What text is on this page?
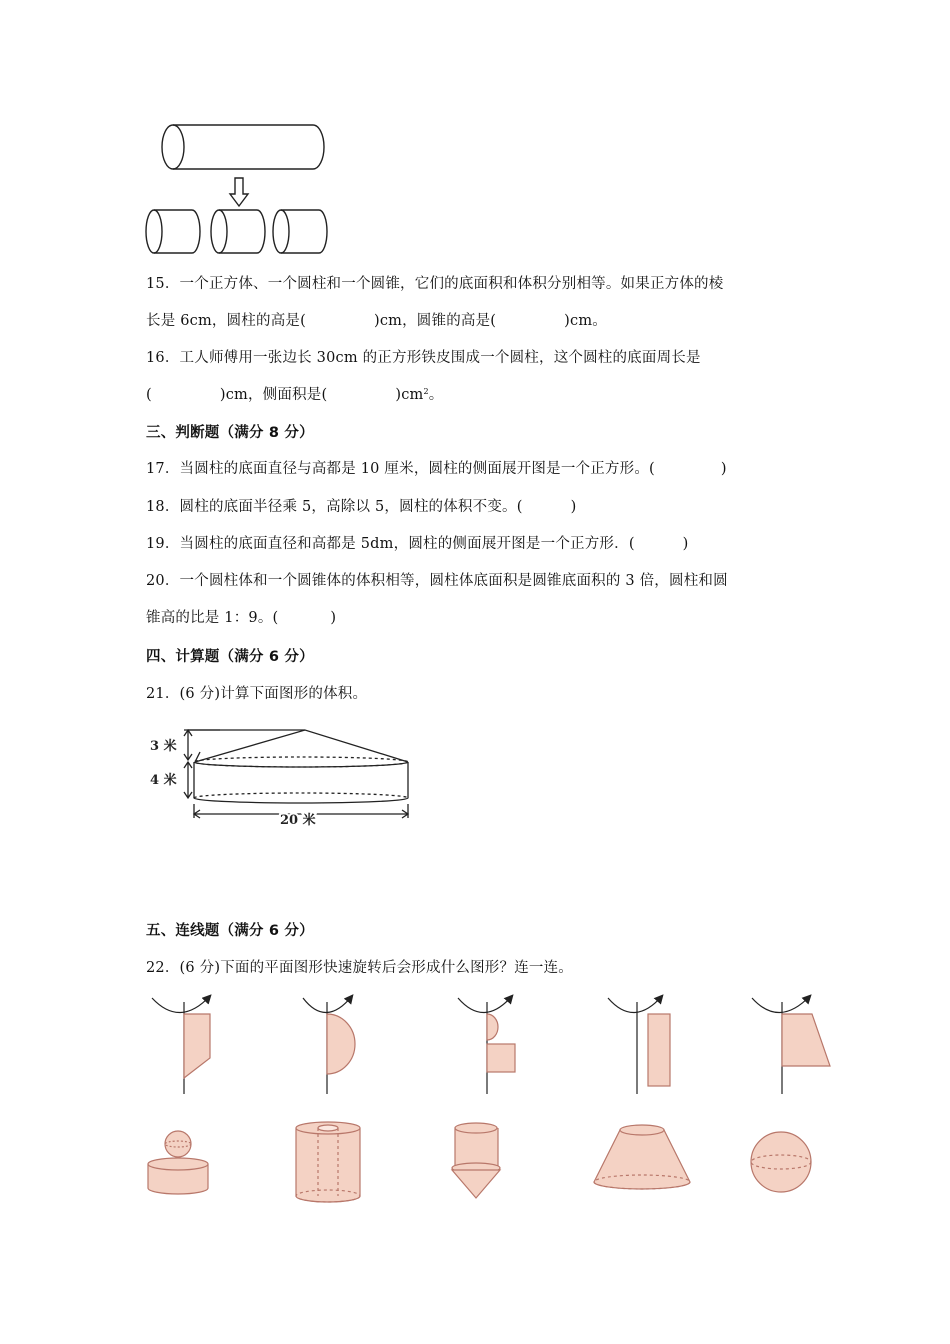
15．一个正方体、一个圆柱和一个圆锥，它们的底面积和体积分别相等。如果正方体的棱
长是 6cm，圆柱的高是(	)cm，圆锥的高是(	)cm。
16．工人师傅用一张边长 30cm 的正方形铁皮围成一个圆柱，这个圆柱的底面周长是
(	)cm，侧面积是(	)$cm^2$。
三、判断题（满分 8 分）
17．当圆柱的底面直径与高都是 10 厘米，圆柱的侧面展开图是一个正方形。(	)
18．圆柱的底面半径乘 5，高除以 5，圆柱的体积不变。(	)
19．当圆柱的底面直径和高都是 5dm，圆柱的侧面展开图是一个正方形．(	)
20．一个圆柱体和一个圆锥体的体积相等，圆柱体底面积是圆锥底面积的 3 倍，圆柱和圆
锥高的比是 1：9。(	)
四、计算题（满分 6 分）
21．(6 分)计算下面图形的体积。
3 米
4 米
20 米
五、连线题（满分 6 分）
22．(6 分)下面的平面图形快速旋转后会形成什么图形？连一连。
